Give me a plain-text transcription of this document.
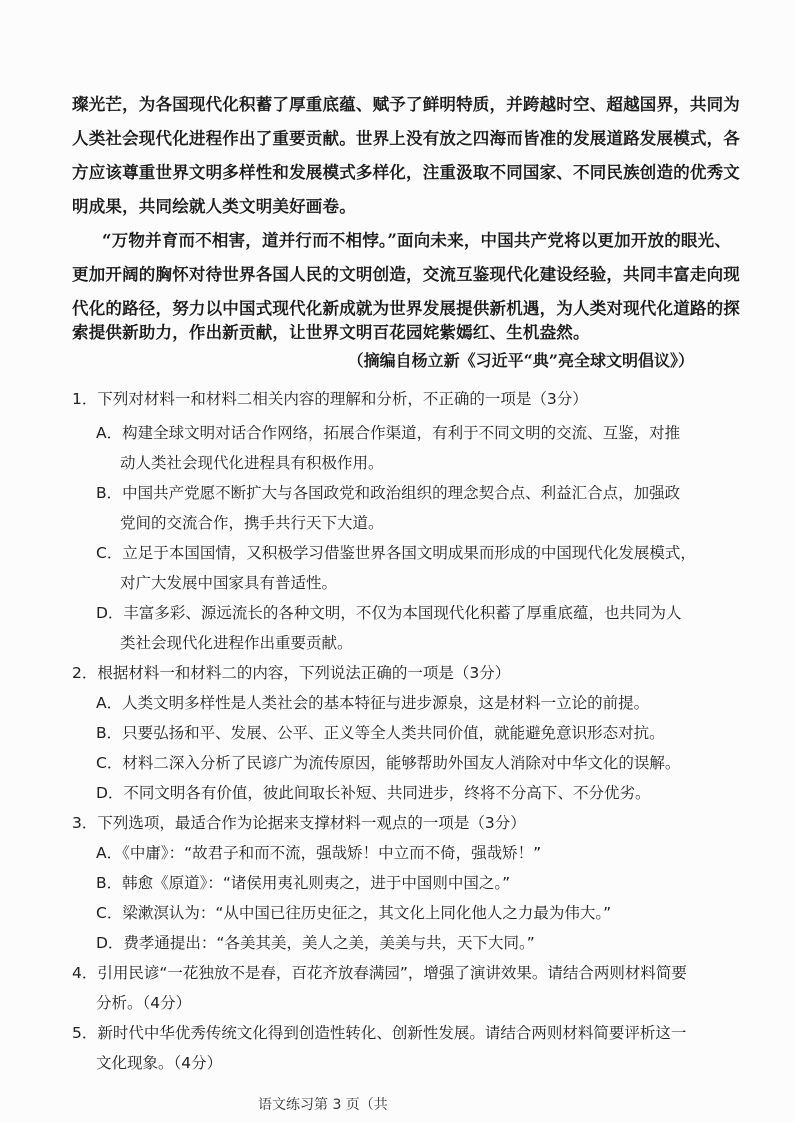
璨光芒，为各国现代化积蓄了厚重底蕴、赋予了鲜明特质，并跨越时空、超越国界，共同为
人类社会现代化进程作出了重要贡献。世界上没有放之四海而皆准的发展道路发展模式，各
方应该尊重世界文明多样性和发展模式多样化，注重汲取不同国家、不同民族创造的优秀文
明成果，共同绘就人类文明美好画卷。
“万物并育而不相害，道并行而不相悖。”面向未来，中国共产党将以更加开放的眼光、
更加开阔的胸怀对待世界各国人民的文明创造，交流互鉴现代化建设经验，共同丰富走向现
代化的路径，努力以中国式现代化新成就为世界发展提供新机遇，为人类对现代化道路的探
索提供新助力，作出新贡献，让世界文明百花园姹紫嫣红、生机盎然。
（摘编自杨立新《习近平“典”亮全球文明倡议》）
1．下列对材料一和材料二相关内容的理解和分析，不正确的一项是（3分）
A．构建全球文明对话合作网络，拓展合作渠道，有利于不同文明的交流、互鉴，对推
动人类社会现代化进程具有积极作用。
B．中国共产党愿不断扩大与各国政党和政治组织的理念契合点、利益汇合点，加强政
党间的交流合作，携手共行天下大道。
C．立足于本国国情，又积极学习借鉴世界各国文明成果而形成的中国现代化发展模式，
对广大发展中国家具有普适性。
D．丰富多彩、源远流长的各种文明，不仅为本国现代化积蓄了厚重底蕴，也共同为人
类社会现代化进程作出重要贡献。
2．根据材料一和材料二的内容，下列说法正确的一项是（3分）
A．人类文明多样性是人类社会的基本特征与进步源泉，这是材料一立论的前提。
B．只要弘扬和平、发展、公平、正义等全人类共同价值，就能避免意识形态对抗。
C．材料二深入分析了民谚广为流传原因，能够帮助外国友人消除对中华文化的误解。
D．不同文明各有价值，彼此间取长补短、共同进步，终将不分高下、不分优劣。
3．下列选项，最适合作为论据来支撑材料一观点的一项是（3分）
A．《中庸》：“故君子和而不流，强哉矫！中立而不倚，强哉矫！”
B．韩愈《原道》：“诸侯用夷礼则夷之，进于中国则中国之。”
C．梁漱溟认为：“从中国已往历史征之，其文化上同化他人之力最为伟大。”
D．费孝通提出：“各美其美，美人之美，美美与共，天下大同。”
4．引用民谚“一花独放不是春，百花齐放春满园”，增强了演讲效果。请结合两则材料简要
分析。（4分）
5．新时代中华优秀传统文化得到创造性转化、创新性发展。请结合两则材料简要评析这一
文化现象。（4分）
语文练习第 3 页（共
